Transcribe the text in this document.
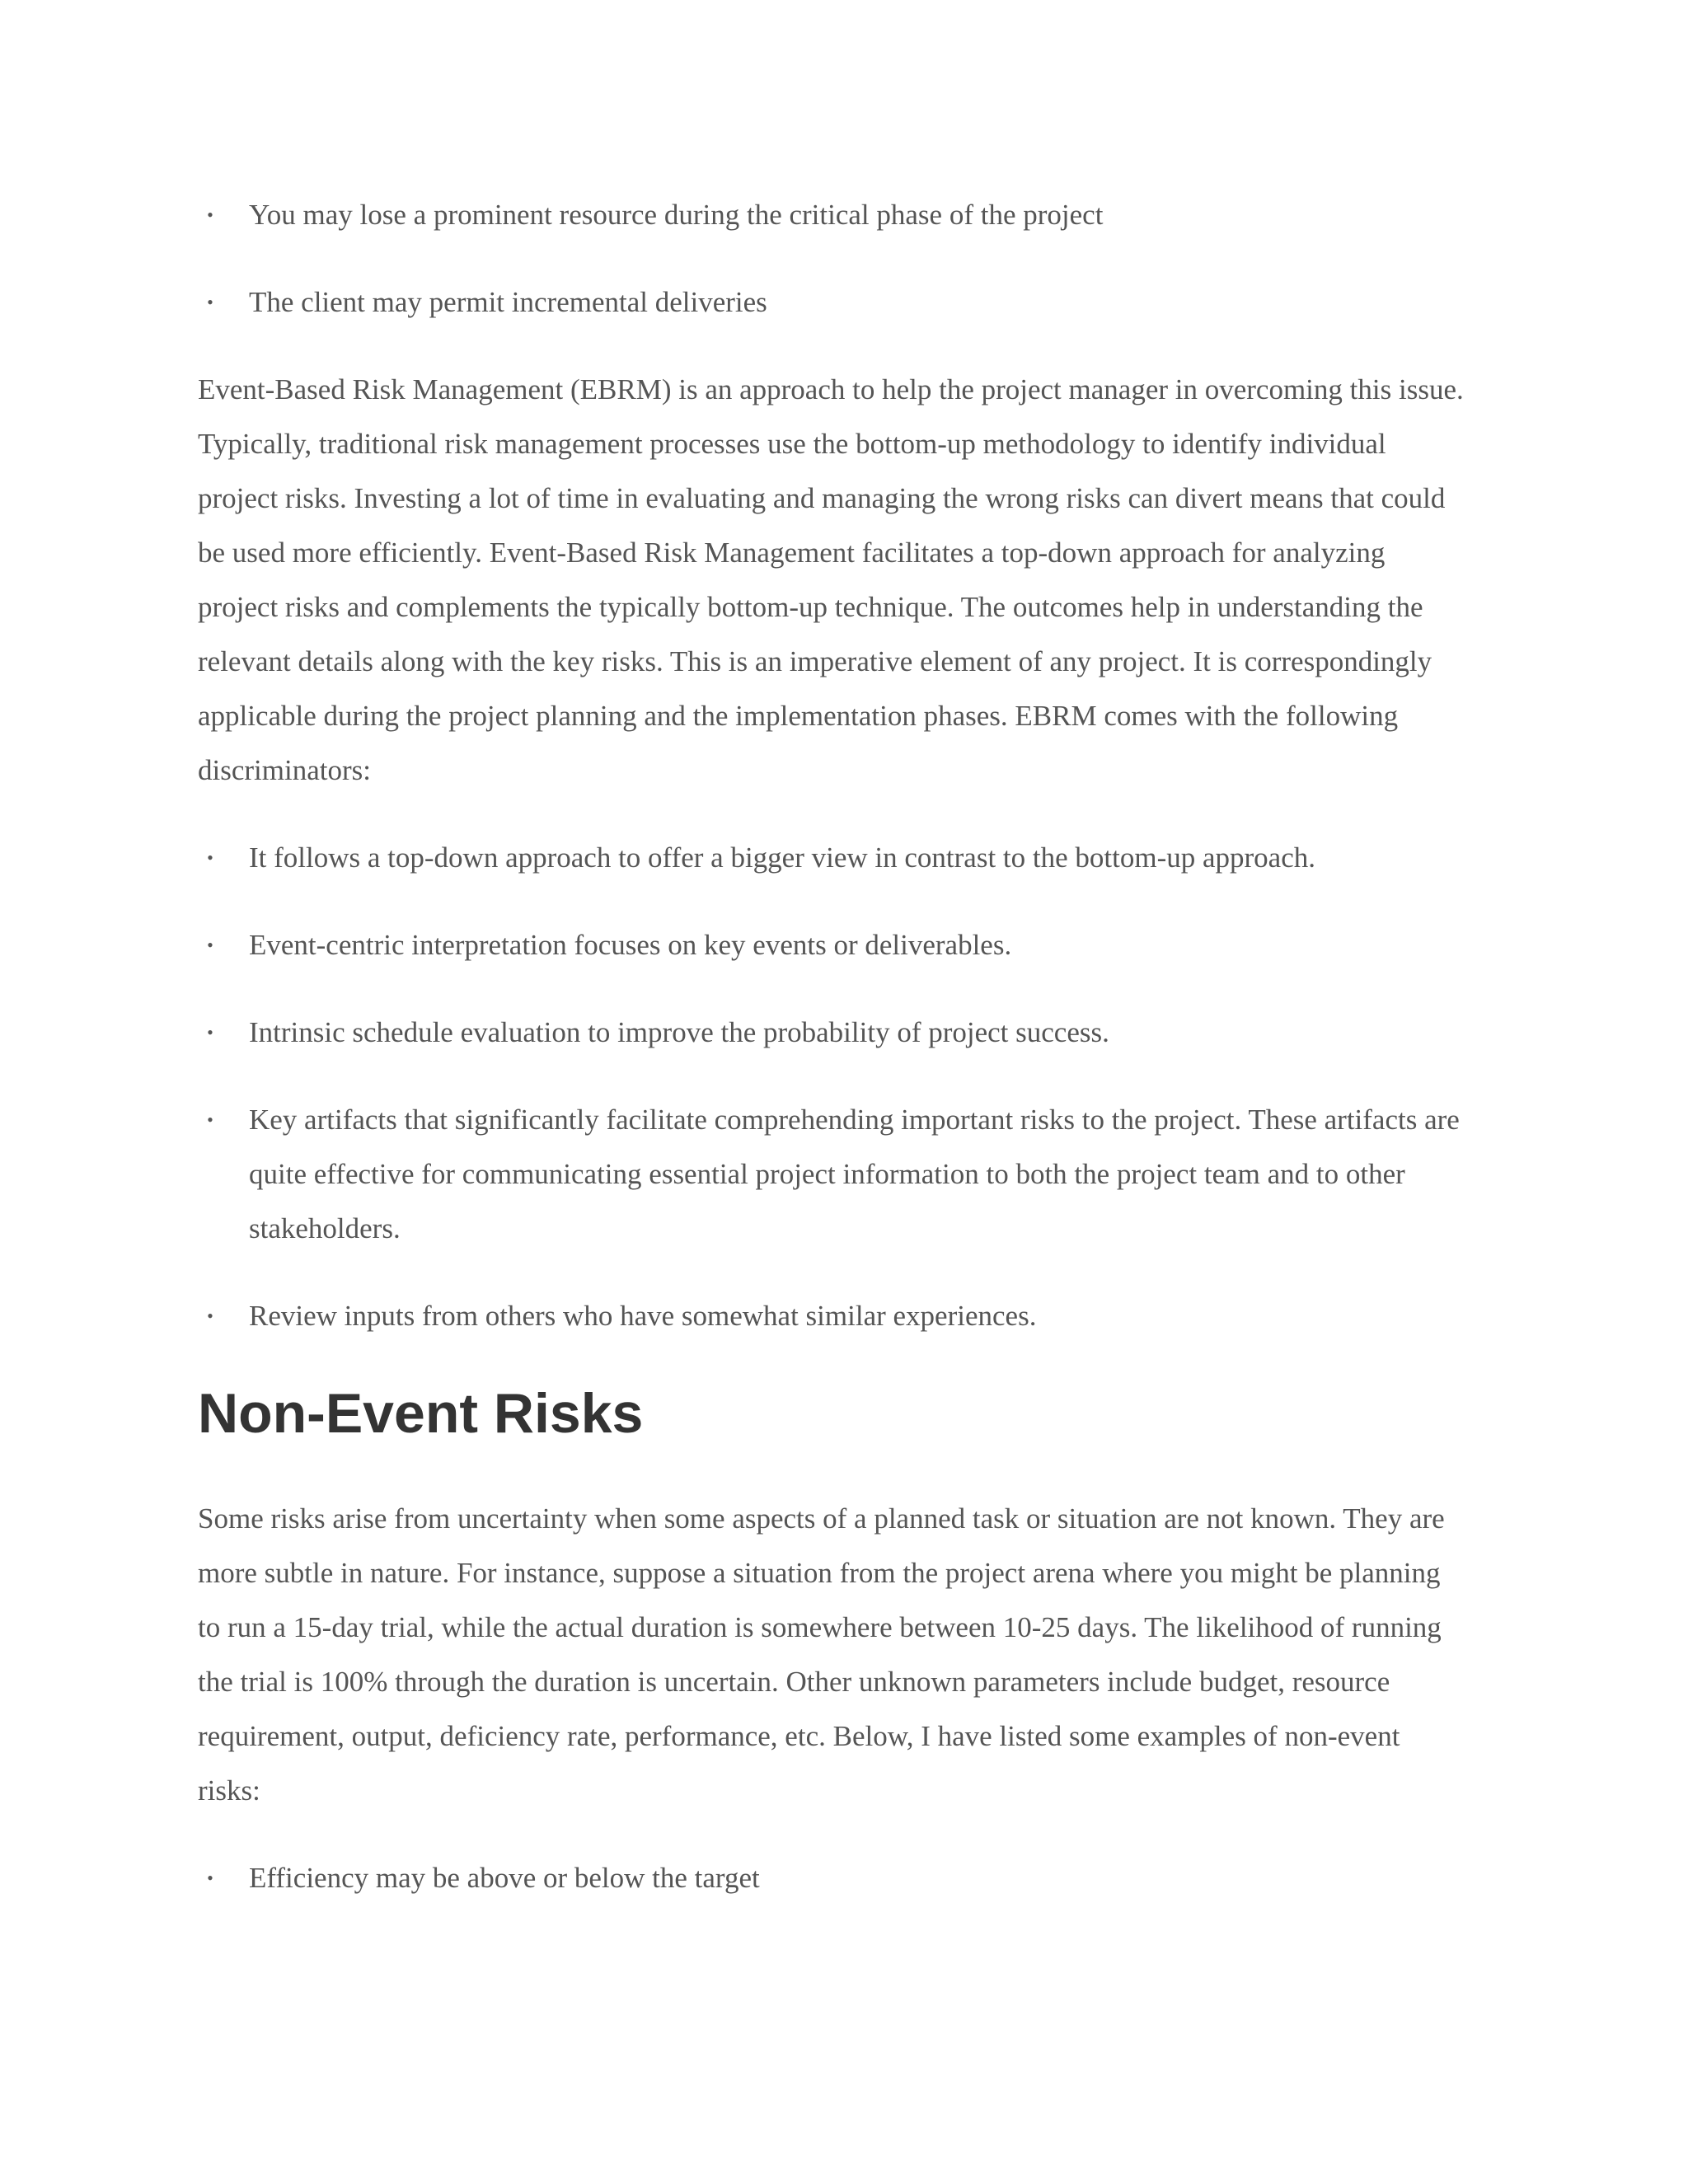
• You may lose a prominent resource during the critical phase of the project
• The client may permit incremental deliveries

Event-Based Risk Management (EBRM) is an approach to help the project manager in overcoming this issue. Typically, traditional risk management processes use the bottom-up methodology to identify individual project risks. Investing a lot of time in evaluating and managing the wrong risks can divert means that could be used more efficiently. Event-Based Risk Management facilitates a top-down approach for analyzing project risks and complements the typically bottom-up technique. The outcomes help in understanding the relevant details along with the key risks. This is an imperative element of any project. It is correspondingly applicable during the project planning and the implementation phases. EBRM comes with the following discriminators:

• It follows a top-down approach to offer a bigger view in contrast to the bottom-up approach.
• Event-centric interpretation focuses on key events or deliverables.
• Intrinsic schedule evaluation to improve the probability of project success.
• Key artifacts that significantly facilitate comprehending important risks to the project. These artifacts are quite effective for communicating essential project information to both the project team and to other stakeholders.
• Review inputs from others who have somewhat similar experiences.
Non-Event Risks

Some risks arise from uncertainty when some aspects of a planned task or situation are not known. They are more subtle in nature. For instance, suppose a situation from the project arena where you might be planning to run a 15-day trial, while the actual duration is somewhere between 10-25 days. The likelihood of running the trial is 100% through the duration is uncertain. Other unknown parameters include budget, resource requirement, output, deficiency rate, performance, etc. Below, I have listed some examples of non-event risks:

• Efficiency may be above or below the target
